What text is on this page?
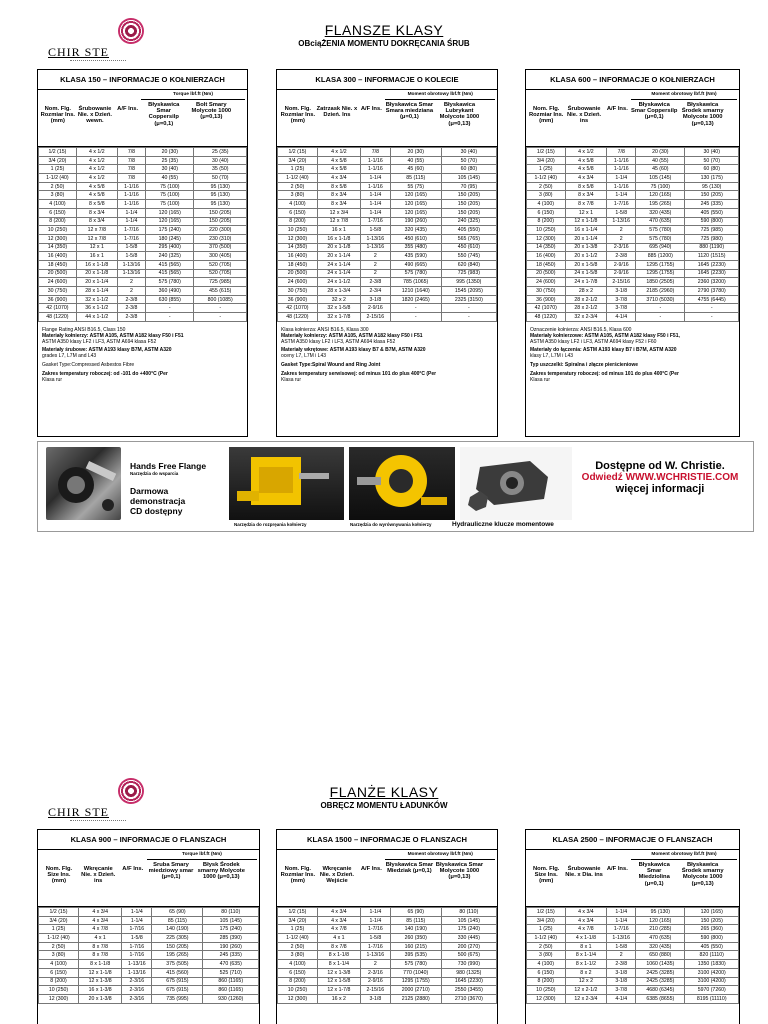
CHIR STE
FLANSZE KLASY
OBciąŻENIA MOMENTU DOKRĘCANIA ŚRUB
KLASA 150 – INFORMACJE O KOŁNIERZACH
Torque lbf.ft (Nm)
Nom. Flg. Rozmiar Ins. (mm)
Śrubowanie Nie. x Dzień. wewn.
A/F Ins.
Błyskawica Smar Coppersilp (μ=0,1)
Bolt Smary Molycote 1000 (μ=0,13)
1/2 (15)	4 x 1/2	7/8	20 (30)	25 (35)
3/4 (20)	4 x 1/2	7/8	25 (35)	30 (40)
1 (25)	4 x 1/2	7/8	30 (40)	35 (50)
1-1/2 (40)	4 x 1/2	7/8	40 (55)	50 (70)
2 (50)	4 x 5/8	1-1/16	75 (100)	95 (130)
3 (80)	4 x 5/8	1-1/16	75 (100)	95 (130)
4 (100)	8 x 5/8	1-1/16	75 (100)	95 (130)
6 (150)	8 x 3/4	1-1/4	120 (165)	150 (205)
8 (200)	8 x 3/4	1-1/4	120 (165)	150 (205)
10 (250)	12 x 7/8	1-7/16	175 (240)	220 (300)
12 (300)	12 x 7/8	1-7/16	180 (245)	230 (310)
14 (350)	12 x 1	1-5/8	295 (400)	370 (500)
16 (400)	16 x 1	1-5/8	240 (325)	300 (405)
18 (450)	16 x 1-1/8	1-13/16	415 (565)	520 (705)
20 (500)	20 x 1-1/8	1-13/16	415 (565)	520 (705)
24 (600)	20 x 1-1/4	2	575 (780)	725 (985)
30 (750)	28 x 1-1/4	2	360 (490)	455 (615)
36 (900)	32 x 1-1/2	2-3/8	630 (855)	800 (1085)
42 (1070)	36 x 1-1/2	2-3/8	-	-
48 (1220)	44 x 1-1/2	2-3/8	-	-
Flange Rating ANSI B16.5, Class 150
Materiały kołnierzy: ASTM A105, ASTM A182 klasy F50 i F51
ASTM A350 klasy LF2 i LF3, ASTM A694 klasa F52
Materiały śrubowe: ASTM A193 klasy B7M, ASTM A320
grades L7, L7M and L43
Gasket Type:Compressed Asbestos Fibre
Zakres temperatury roboczej: od -101 do +400°C (Per
Klasa rur
KLASA 300 – INFORMACJE O KOLECIE
Moment obrotowy lbf.ft (Nm)
Nom. Flg. Rozmiar Ins. (mm)
Zatrzask Nie. x Dzień. Ins
A/F Ins.
Błyskawica Smar Smara miedziana (μ=0,1)
Błyskawica Lubrykant Molycote 1000 (μ=0,13)
1/2 (15)	4 x 1/2	7/8	20 (30)	30 (40)
3/4 (20)	4 x 5/8	1-1/16	40 (55)	50 (70)
1 (25)	4 x 5/8	1-1/16	45 (60)	60 (80)
1-1/2 (40)	4 x 3/4	1-1/4	85 (115)	105 (145)
2 (50)	8 x 5/8	1-1/16	55 (75)	70 (95)
3 (80)	8 x 3/4	1-1/4	120 (165)	150 (205)
4 (100)	8 x 3/4	1-1/4	120 (165)	150 (205)
6 (150)	12 x 3/4	1-1/4	120 (165)	150 (205)
8 (200)	12 x 7/8	1-7/16	190 (260)	240 (325)
10 (250)	16 x 1	1-5/8	320 (435)	405 (550)
12 (300)	16 x 1-1/8	1-13/16	450 (610)	565 (765)
14 (350)	20 x 1-1/8	1-13/16	355 (480)	450 (610)
16 (400)	20 x 1-1/4	2	435 (590)	550 (745)
18 (450)	24 x 1-1/4	2	490 (665)	620 (840)
20 (500)	24 x 1-1/4	2	575 (780)	725 (983)
24 (600)	24 x 1-1/2	2-3/8	785 (1065)	995 (1350)
30 (750)	28 x 1-3/4	2-3/4	1210 (1640)	1545 (2095)
36 (900)	32 x 2	3-1/8	1820 (2465)	2325 (3150)
42 (1070)	32 x 1-5/8	2-9/16	-	-
48 (1220)	32 x 1-7/8	2-15/16	-	-
Klasa kołnierza: ANSI B16.5, Klasa 300
Materiały kołnierzy: ASTM A105, ASTM A182 klasy F50 i F51
ASTM A350 klasy LF2 i LF3, ASTM A694 klasa F52
Materiały wkrętowe: ASTM A193 klasy B7 & B7M, ASTM A320
oceny L7, L7M i L43
Gasket Type:Spiral Wound and Ring Joint
Zakres temperatury serwisowej: od minus 101 do plus 400°C (Per
Klasa rur
KLASA 600 – INFORMACJE O KOŁNIERZACH
Moment obrotowy lbf.ft (Nm)
Nom. Flg. Rozmiar Ins. (mm)
Śrubowanie Nie. x Dzień. ins
A/F Ins.
Błyskawica Smar Coppersilp (μ=0,1)
Błyskawica Środek smarny Molycote 1000 (μ=0,13)
1/2 (15)	4 x 1/2	7/8	20 (30)	30 (40)
3/4 (20)	4 x 5/8	1-1/16	40 (55)	50 (70)
1 (25)	4 x 5/8	1-1/16	45 (60)	60 (80)
1-1/2 (40)	4 x 3/4	1-1/4	105 (145)	130 (175)
2 (50)	8 x 5/8	1-1/16	75 (100)	95 (130)
3 (80)	8 x 3/4	1-1/4	120 (165)	150 (205)
4 (100)	8 x 7/8	1-7/16	195 (265)	245 (335)
6 (150)	12 x 1	1-5/8	320 (435)	405 (550)
8 (200)	12 x 1-1/8	1-13/16	470 (635)	590 (800)
10 (250)	16 x 1-1/4	2	575 (780)	725 (985)
12 (300)	20 x 1-1/4	2	575 (780)	725 (980)
14 (350)	20 x 1-3/8	2-3/16	695 (940)	880 (1190)
16 (400)	20 x 1-1/2	2-3/8	885 (1200)	1120 (1515)
18 (450)	20 x 1-5/8	2-9/16	1295 (1755)	1645 (2230)
20 (500)	24 x 1-5/8	2-9/16	1295 (1755)	1645 (2230)
24 (600)	24 x 1-7/8	2-15/16	1850 (2505)	2360 (3200)
30 (750)	28 x 2	3-1/8	2185 (2960)	2790 (3780)
36 (900)	28 x 2-1/2	3-7/8	3710 (5030)	4755 (6445)
42 (1070)	28 x 2-1/2	3-7/8	-	-
48 (1220)	32 x 2-3/4	4-1/4	-	-
Oznaczenie kołnierza: ANSI B16.5, Klasa 600
Materiały kołnierzowe: ASTM A105, ASTM A182 klasy F50 i F51,
ASTM A350 klasy LF2 i LF3, ASTM A694 klasy F52 i F60
Materiały do łączenia: ASTM A193 klasy B7 i B7M, ASTM A320
klasy L7, L7M i L43
Typ uszczelki: Spiralna i złącze pierścieniowe
Zakres temperatury roboczej: od minus 101 do plus 400°C (Per
Klasa rur
Hands Free Flange
Narzędzia do wsparcia
Darmowa demonstracja
CD dostępny
Narzędzia do rozpręania kołnierzy	Narzędzia do wyrównywania kołnierzy	Hydrauliczne klucze momentowe
Dostępne od W. Christie.
Odwiedź WWW.WCHRISTIE.COM
więcej informacji
CHIR STE
FLANŻE KLASY
OBRĘCZ MOMENTU ŁADUNKÓW
KLASA 900 – INFORMACJE O FLANSZACH
Torque lbf.ft (Nm)
Nom. Flg. Size Ins. (mm)
Wkręcanie Nie. x Dzień. ins
A/F Ins.
Sruba Smary miedziowy smar (μ=0,1)
Błysk Środek smarny Molycote 1000 (μ=0,13)
1/2 (15)	4 x 3/4	1-1/4	65 (90)	80 (110)
3/4 (20)	4 x 3/4	1-1/4	85 (115)	105 (145)
1 (25)	4 x 7/8	1-7/16	140 (190)	175 (240)
1-1/2 (40)	4 x 1	1-5/8	225 (305)	285 (390)
2 (50)	8 x 7/8	1-7/16	150 (205)	190 (260)
3 (80)	8 x 7/8	1-7/16	195 (265)	245 (335)
4 (100)	8 x 1-1/8	1-13/16	375 (505)	470 (635)
6 (150)	12 x 1-1/8	1-13/16	415 (560)	525 (710)
8 (200)	12 x 1-3/8	2-3/16	675 (915)	860 (1165)
10 (250)	16 x 1-3/8	2-3/16	675 (915)	860 (1165)
12 (300)	20 x 1-3/8	2-3/16	735 (995)	930 (1260)
KLASA 1500 – INFORMACJE O FLANSZACH
Moment obrotowy lbf.ft (Nm)
Nom. Flg. Rozmiar Ins. (mm)
Wkręcanie Nie. x Dzień. Wejście
A/F Ins.
Błyskawica Smar Miedziak (μ=0,1)
Błyskawica Smar Molycote 1000 (μ=0,13)
1/2 (15)	4 x 3/4	1-1/4	65 (90)	80 (110)
3/4 (20)	4 x 3/4	1-1/4	85 (115)	105 (145)
1 (25)	4 x 7/8	1-7/16	140 (190)	175 (240)
1-1/2 (40)	4 x 1	1-5/8	260 (350)	330 (445)
2 (50)	8 x 7/8	1-7/16	160 (215)	200 (270)
3 (80)	8 x 1-1/8	1-13/16	395 (535)	500 (675)
4 (100)	8 x 1-1/4	2	575 (780)	730 (990)
6 (150)	12 x 1-3/8	2-3/16	770 (1040)	980 (1325)
8 (200)	12 x 1-5/8	2-9/16	1295 (1755)	1645 (2230)
10 (250)	12 x 1-7/8	2-15/16	2000 (2710)	2550 (3455)
12 (300)	16 x 2	3-1/8	2125 (2880)	2710 (3670)
KLASA 2500 – INFORMACJE O FLANSZACH
Moment obrotowy lbf.ft (Nm)
Nom. Flg. Size Ins. (mm)
Śrubowanie Nie. x Dia. ins
A/F Ins.
Błyskawica Smar Miedziolina (μ=0,1)
Błyskawica Środek smarny Molycote 1000 (μ=0,13)
1/2 (15)	4 x 3/4	1-1/4	95 (130)	120 (165)
3/4 (20)	4 x 3/4	1-1/4	120 (165)	150 (205)
1 (25)	4 x 7/8	1-7/16	210 (285)	265 (360)
1-1/2 (40)	4 x 1-1/8	1-13/16	470 (635)	590 (800)
2 (50)	8 x 1	1-5/8	320 (435)	405 (550)
3 (80)	8 x 1-1/4	2	650 (880)	820 (1110)
4 (100)	8 x 1-1/2	2-3/8	1060 (1435)	1350 (1830)
6 (150)	8 x 2	3-1/8	2425 (3285)	3100 (4200)
8 (200)	12 x 2	3-1/8	2425 (3285)	3100 (4200)
10 (250)	12 x 2-1/2	3-7/8	4680 (6345)	5970 (7260)
12 (300)	12 x 2-3/4	4-1/4	6385 (8655)	8195 (11110)
